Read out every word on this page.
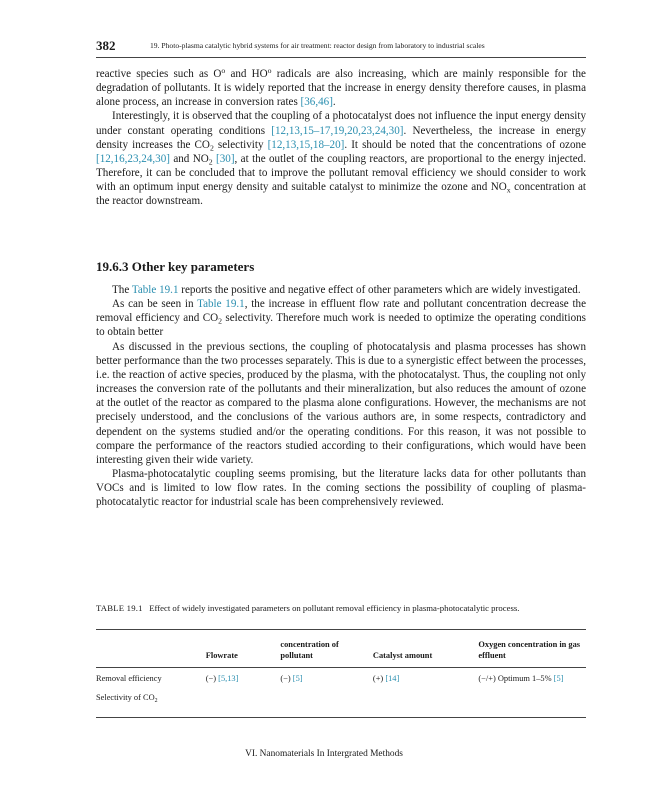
382	19. Photo-plasma catalytic hybrid systems for air treatment: reactor design from laboratory to industrial scales

reactive species such as $O^o$ and $HO^o$ radicals are also increasing, which are mainly responsible for the degradation of pollutants. It is widely reported that the increase in energy density therefore causes, in plasma alone process, an increase in conversion rates [36,46].

Interestingly, it is observed that the coupling of a photocatalyst does not influence the input energy density under constant operating conditions [12,13,15–17,19,20,23,24,30]. Nevertheless, the increase in energy density increases the $CO_2$ selectivity [12,13,15,18–20]. It should be noted that the concentrations of ozone [12,16,23,24,30] and $NO_2$ [30], at the outlet of the coupling reactors, are proportional to the energy injected. Therefore, it can be concluded that to improve the pollutant removal efficiency we should consider to work with an optimum input energy density and suitable catalyst to minimize the ozone and $NO_x$ concentration at the reactor downstream.

19.6.3 Other key parameters

The Table 19.1 reports the positive and negative effect of other parameters which are widely investigated.

As can be seen in Table 19.1, the increase in effluent flow rate and pollutant concentration decrease the removal efficiency and $CO_2$ selectivity. Therefore much work is needed to optimize the operating conditions to obtain better

As discussed in the previous sections, the coupling of photocatalysis and plasma processes has shown better performance than the two processes separately. This is due to a synergistic effect between the processes, i.e. the reaction of active species, produced by the plasma, with the photocatalyst. Thus, the coupling not only increases the conversion rate of the pollutants and their mineralization, but also reduces the amount of ozone at the outlet of the reactor as compared to the plasma alone configurations. However, the mechanisms are not precisely understood, and the conclusions of the various authors are, in some respects, contradictory and dependent on the systems studied and/or the operating conditions. For this reason, it was not possible to compare the performance of the reactors studied according to their configurations, which would have been interesting given their wide variety.

Plasma-photocatalytic coupling seems promising, but the literature lacks data for other pollutants than VOCs and is limited to low flow rates. In the coming sections the possibility of coupling of plasma-photocatalytic reactor for industrial scale has been comprehensively reviewed.

TABLE 19.1 Effect of widely investigated parameters on pollutant removal efficiency in plasma-photocatalytic process.
	Flowrate	concentration of pollutant	Catalyst amount	Oxygen concentration in gas effluent
Removal efficiency	(−) [5,13]	(−) [5]	(+) [14]	(−/+) Optimum 1–5% [5]
Selectivity of $CO_2$				
VI. Nanomaterials In Intergrated Methods
